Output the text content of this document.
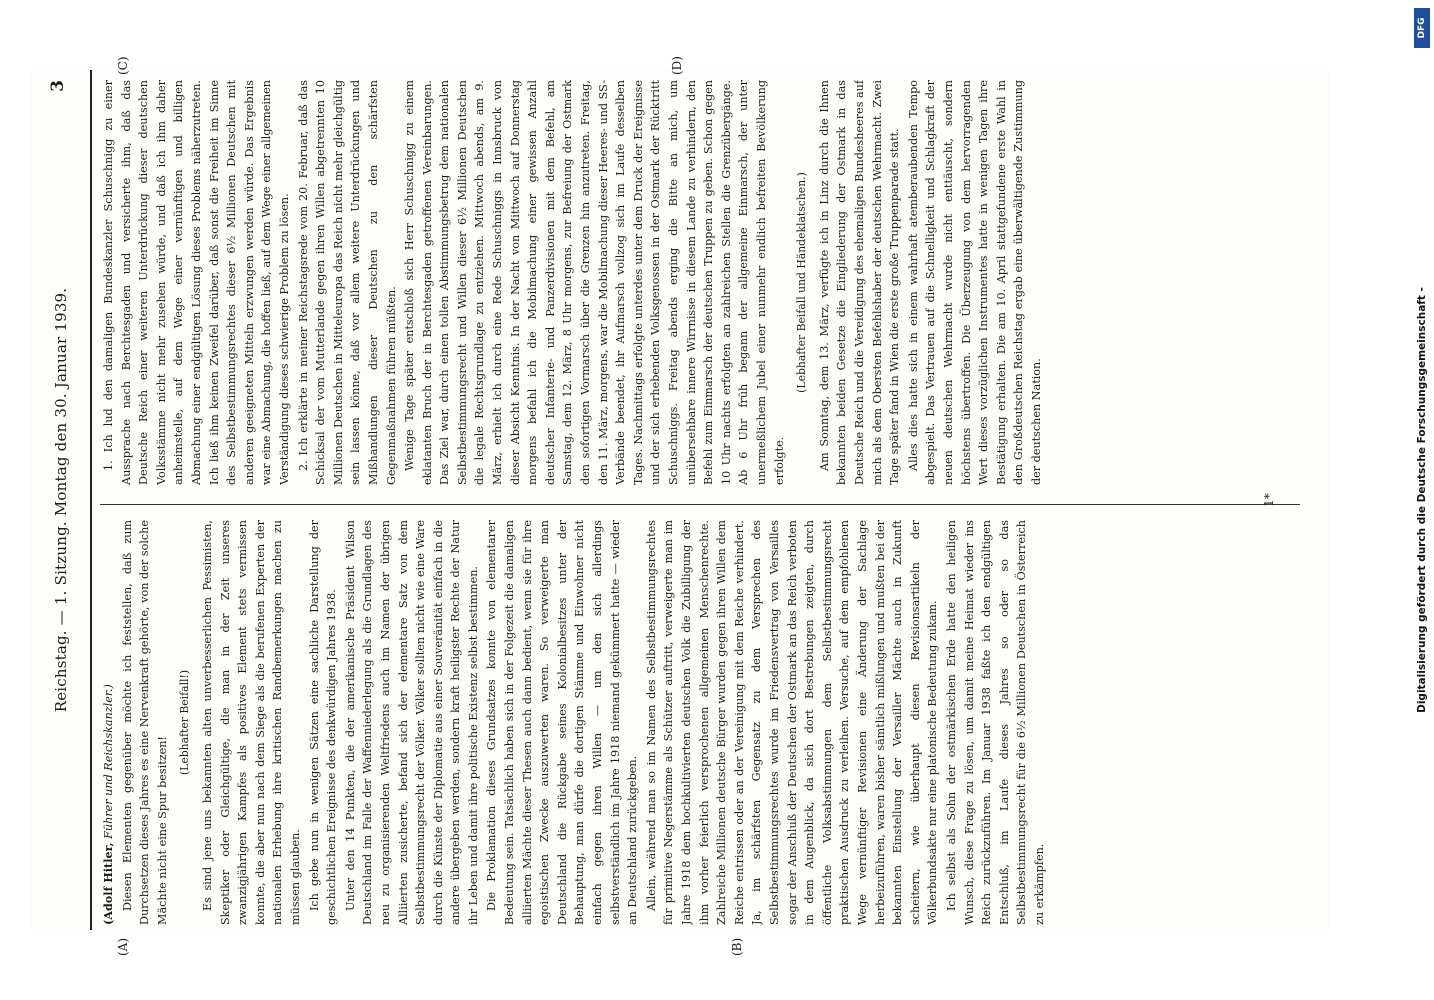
Reichstag. — 1. Sitzung. Montag den 30. Januar 1939.
3

(Adolf Hitler, Führer und Reichskanzler.) Diesen Elementen gegenüber möchte ich feststellen, daß zum Durchsetzen dieses Jahres es eine Nervenkraft gehörte, von der solche Mächte nicht eine Spur besitzen!

(Lebhafter Beifall!) Es sind jene uns bekannten alten unverbesserlichen Pessimisten, Skeptiker oder Gleichgültige, die man in der Zeit unseres zwanzigjährigen Kampfes als positives Element stets vermissen konnte, die aber nun nach dem Siege als die berufenen Experten der nationalen Erhebung ihre kritischen Randbemerkungen machen zu müssen glauben. Ich gebe nun in wenigen Sätzen eine sachliche Darstellung der geschichtlichen Ereignisse des denkwürdigen Jahres 1938. Unter den 14 Punkten, die der amerikanische Präsident Wilson Deutschland im Falle der Waffenniederlegung als die Grundlagen des neu zu organisierenden Weltfriedens auch im Namen der übrigen Alliierten zusicherte, befand sich der elementare Satz von dem Selbstbestimmungsrecht der Völker. Völker sollten nicht wie eine Ware durch die Künste der Diplomatie aus einer Souveränität einfach in die andere übergeben werden, sondern kraft heiligster Rechte der Natur ihr Leben und damit ihre politische Existenz selbst bestimmen. Die Proklamation dieses Grundsatzes konnte von elementarer Bedeutung sein. Tatsächlich haben sich in der Folgezeit die damaligen alliierten Mächte dieser Thesen auch dann bedient, wenn sie für ihre egoistischen Zwecke auszuwerten waren. So verweigerte man Deutschland die Rückgabe seines Kolonialbesitzes unter der Behauptung, man dürfe die dortigen Stämme und Einwohner nicht einfach gegen ihren Willen — um den sich allerdings selbstverständlich im Jahre 1918 niemand gekümmert hatte — wieder an Deutschland zurückgeben. Allein, während man so im Namen des Selbstbestimmungsrechtes für primitive Negerstämme als Schützer auftritt, verweigerte man im Jahre 1918 dem hochkultivierten deutschen Volk die Zubilligung der ihm vorher feierlich versprochenen allgemeinen Menschenrechte. Zahlreiche Millionen deutsche Bürger wurden gegen ihren Willen dem Reiche entrissen oder an der Vereinigung mit dem Reiche verhindert. Ja, im schärfsten Gegensatz zu dem Versprechen des Selbstbestimmungsrechtes wurde im Friedensvertrag von Versailles sogar der Anschluß der Deutschen der Ostmark an das Reich verboten in dem Augenblick, da sich dort Bestrebungen zeigten, durch öffentliche Volksabstimmungen dem Selbstbestimmungsrecht praktischen Ausdruck zu verleihen. Versuche, auf dem empfohlenen Wege vernünftiger Revisionen eine Änderung der Sachlage herbeizuführen, waren bisher sämtlich mißlungen und mußten bei der bekannten Einstellung der Versailler Mächte auch in Zukunft scheitern, wie überhaupt diesen Revisionsartikeln der Völkerbundsakte nur eine platonische Bedeutung zukam. Ich selbst als Sohn der ostmärkischen Erde hatte den heiligen Wunsch, diese Frage zu lösen, um damit meine Heimat wieder ins Reich zurückzuführen. Im Januar 1938 faßte ich den endgültigen Entschluß, im Laufe dieses Jahres so oder so das Selbstbestimmungsrecht für die 6½ Millionen Deutschen in Österreich zu erkämpfen.

1. Ich lud den damaligen Bundeskanzler Schuschnigg zu einer Aussprache nach Berchtesgaden und versicherte ihm, daß das Deutsche Reich einer weiteren Unterdrückung dieser deutschen Volksstämme nicht mehr zusehen würde, und daß ich ihm daher anheimstelle, auf dem Wege einer vernünftigen und billigen Abmachung einer endgültigen Lösung dieses Problems näherzutreten. Ich ließ ihm keinen Zweifel darüber, daß sonst die Freiheit im Sinne des Selbstbestimmungsrechtes dieser 6½ Millionen Deutschen mit anderen geeigneten Mitteln erzwungen werden würde. Das Ergebnis war eine Abmachung, die hoffen ließ, auf dem Wege einer allgemeinen Verständigung dieses schwierige Problem zu lösen. 2. Ich erklärte in meiner Reichstagsrede vom 20. Februar, daß das Schicksal der vom Mutterlande gegen ihren Willen abgetrennten 10 Millionen Deutschen in Mitteleuropa das Reich nicht mehr gleichgültig sein lassen könne, daß vor allem weitere Unterdrückungen und Mißhandlungen dieser Deutschen zu den schärfsten Gegenmaßnahmen führen müßten. Wenige Tage später entschloß sich Herr Schuschnigg zu einem eklatanten Bruch der in Berchtesgaden getroffenen Vereinbarungen. Das Ziel war, durch einen tollen Abstimmungsbetrug dem nationalen Selbstbestimmungsrecht und Willen dieser 6½ Millionen Deutschen die legale Rechtsgrundlage zu entziehen. Mittwoch abends, am 9. März, erhielt ich durch eine Rede Schuschniggs in Innsbruck von dieser Absicht Kenntnis. In der Nacht von Mittwoch auf Donnerstag morgens befahl ich die Mobilmachung einer gewissen Anzahl deutscher Infanterie- und Panzerdivisionen mit dem Befehl, am Samstag, dem 12. März, 8 Uhr morgens, zur Befreiung der Ostmark den sofortigen Vormarsch über die Grenzen hin anzutreten. Freitag, den 11. März, morgens, war die Mobilmachung dieser Heeres- und SS-Verbände beendet, ihr Aufmarsch vollzog sich im Laufe desselben Tages. Nachmittags erfolgte unterdes unter dem Druck der Ereignisse und der sich erhebenden Volksgenossen in der Ostmark der Rücktritt Schuschniggs. Freitag abends erging die Bitte an mich, um unübersehbare innere Wirrnisse in diesem Lande zu verhindern, den Befehl zum Einmarsch der deutschen Truppen zu geben. Schon gegen 10 Uhr nachts erfolgten an zahlreichen Stellen die Grenzübergänge. Ab 6 Uhr früh begann der allgemeine Einmarsch, der unter unermeßlichem Jubel einer nunmehr endlich befreiten Bevölkerung erfolgte.

(Lebhafter Beifall und Händeklatschen.) Am Sonntag, dem 13. März, verfügte ich in Linz durch die Ihnen bekannten beiden Gesetze die Eingliederung der Ostmark in das Deutsche Reich und die Vereidigung des ehemaligen Bundesheeres auf mich als dem Obersten Befehlshaber der deutschen Wehrmacht. Zwei Tage später fand in Wien die erste große Truppenparade statt. Alles dies hatte sich in einem wahrhaft atemberaubenden Tempo abgespielt. Das Vertrauen auf die Schnelligkeit und Schlagkraft der neuen deutschen Wehrmacht wurde nicht enttäuscht, sondern höchstens übertroffen. Die Überzeugung von dem hervorragenden Wert dieses vorzüglichen Instrumentes hatte in wenigen Tagen ihre Bestätigung erhalten. Die am 10. April stattgefundene erste Wahl in den Großdeutschen Reichstag ergab eine überwältigende Zustimmung der deutschen Nation.

1*
(A)	(B)
(C)	(D)
Digitalisierung gefördert durch die Deutsche Forschungsgemeinschaft -
DFG
